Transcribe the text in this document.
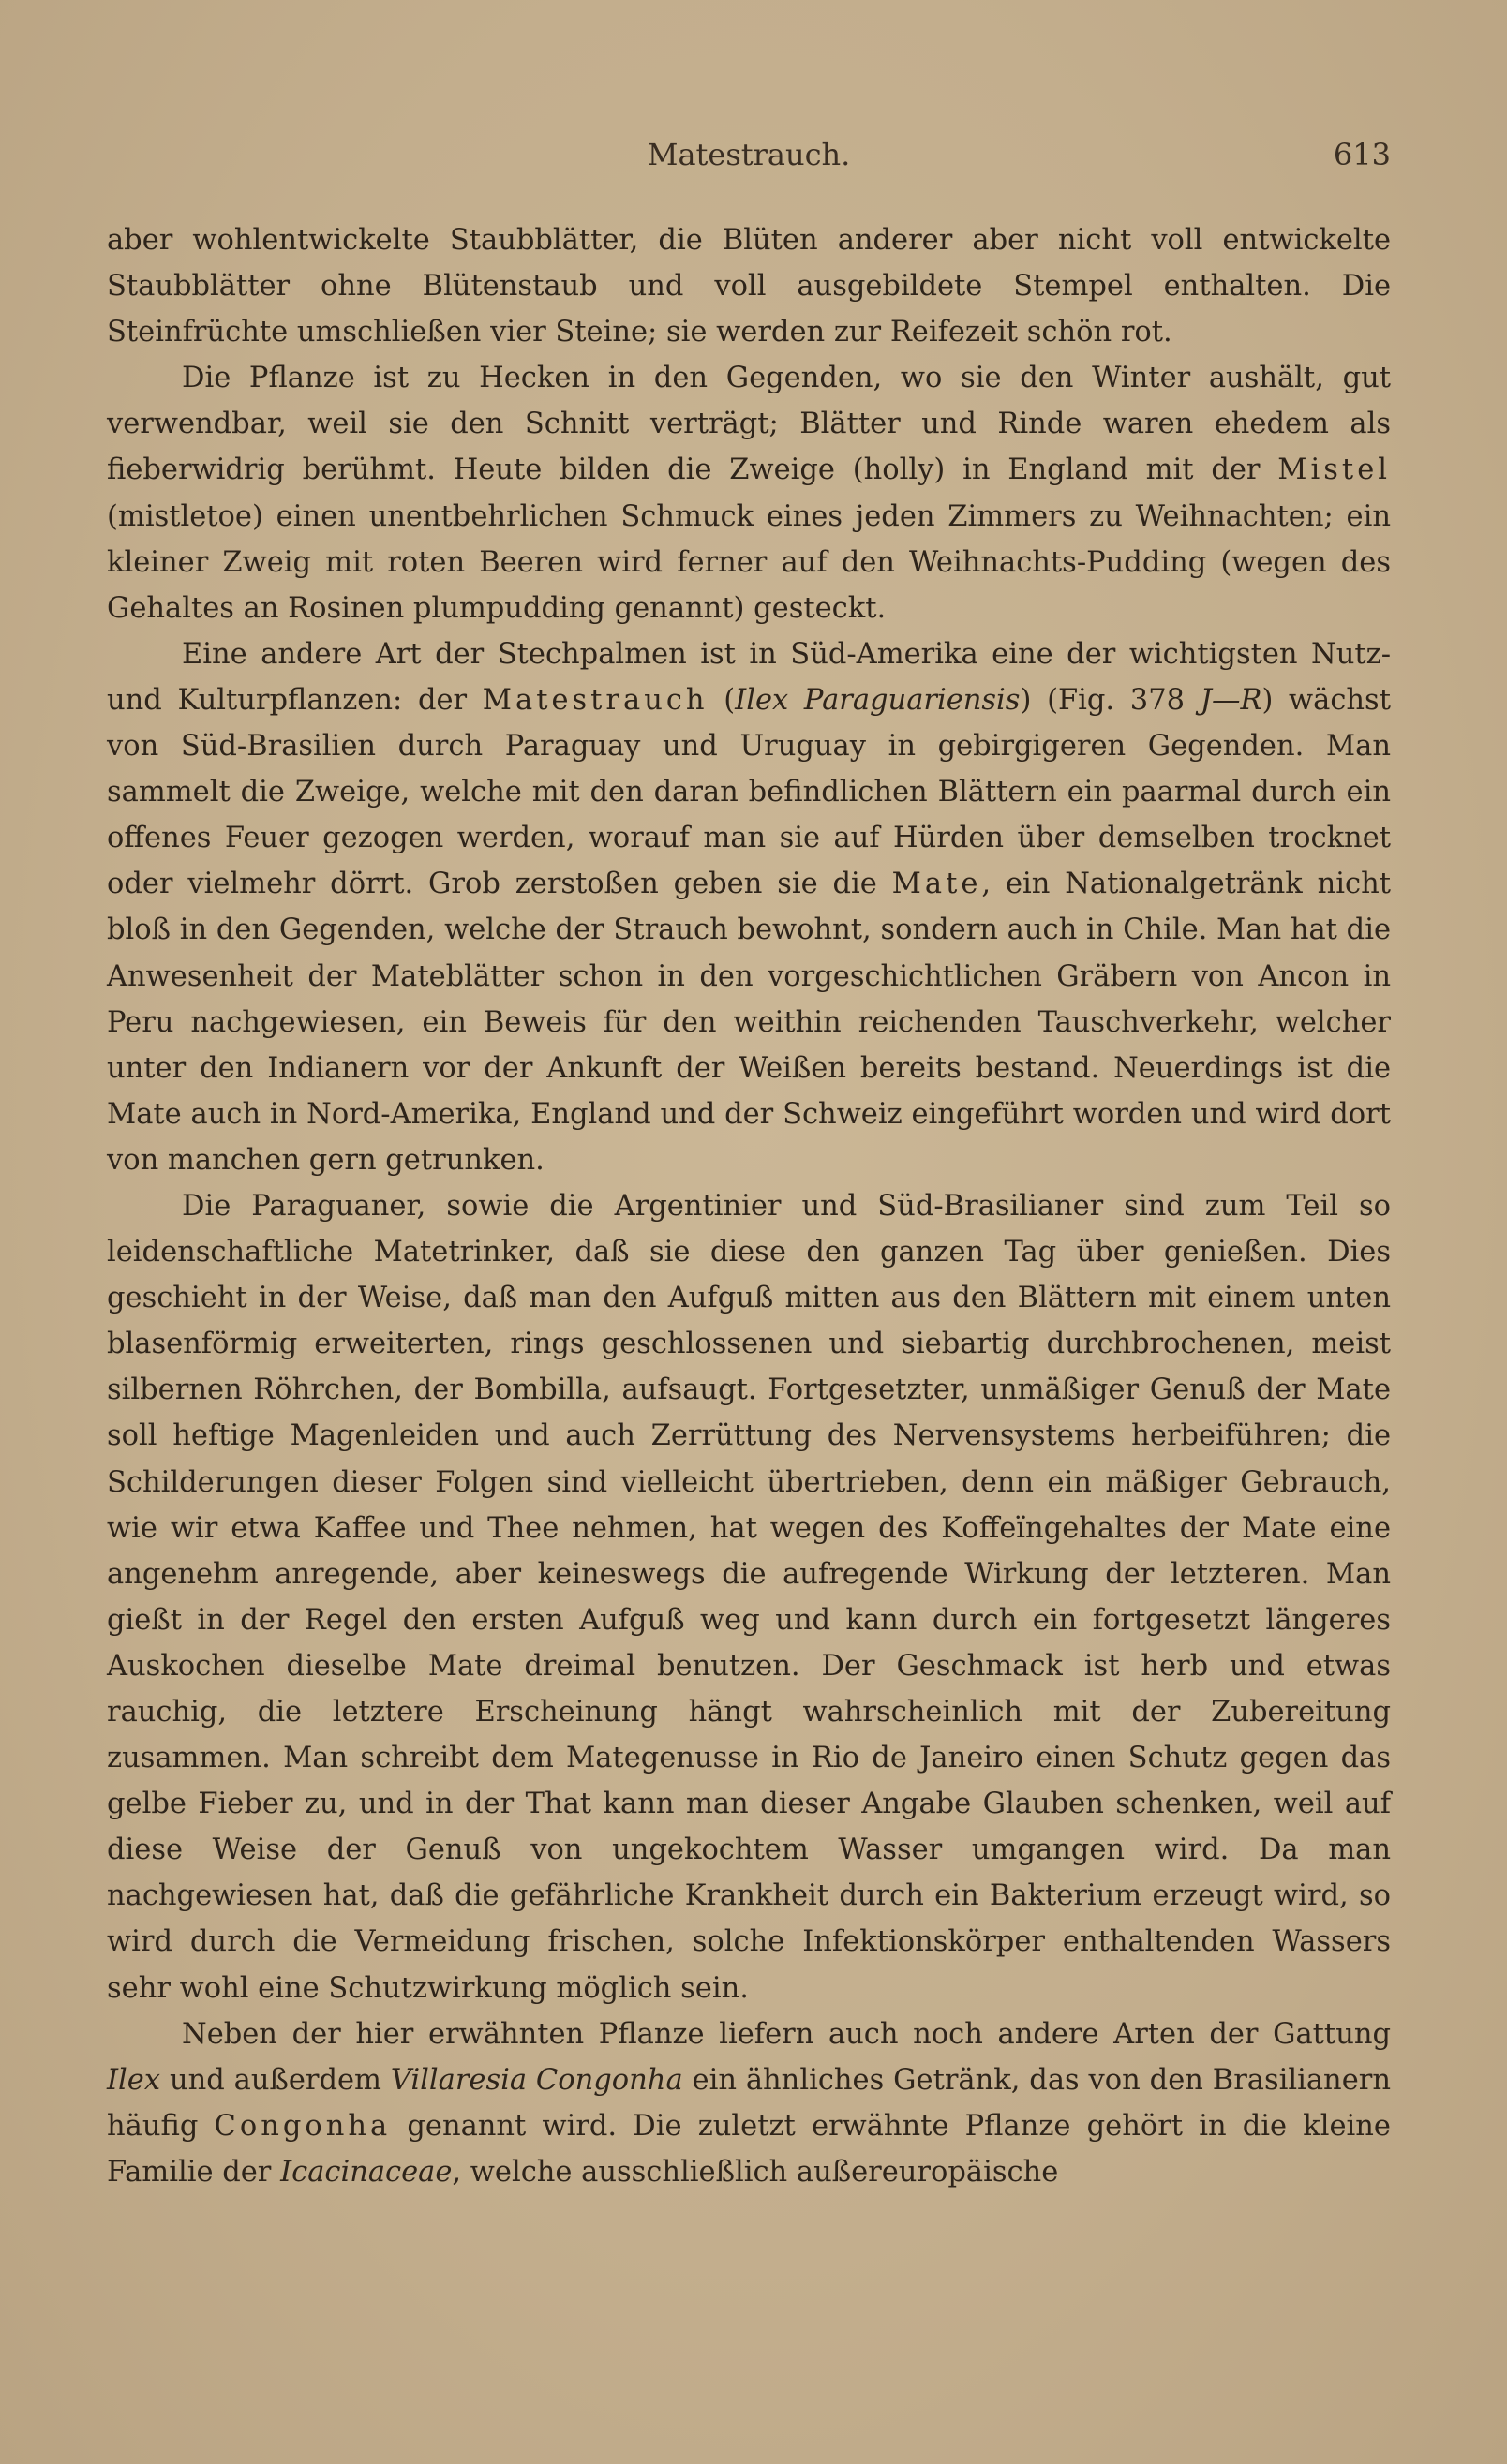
Matestrauch.	613

aber wohlentwickelte Staubblätter, die Blüten anderer aber nicht voll entwickelte Staubblätter ohne Blütenstaub und voll ausgebildete Stempel enthalten. Die Steinfrüchte umschließen vier Steine; sie werden zur Reifezeit schön rot.

Die Pflanze ist zu Hecken in den Gegenden, wo sie den Winter aushält, gut verwendbar, weil sie den Schnitt verträgt; Blätter und Rinde waren ehedem als fieberwidrig berühmt. Heute bilden die Zweige (holly) in England mit der Mistel (mistletoe) einen unentbehrlichen Schmuck eines jeden Zimmers zu Weihnachten; ein kleiner Zweig mit roten Beeren wird ferner auf den Weihnachts-Pudding (wegen des Gehaltes an Rosinen plumpudding genannt) gesteckt.

Eine andere Art der Stechpalmen ist in Süd-Amerika eine der wichtigsten Nutz- und Kulturpflanzen: der Matestrauch (Ilex Paraguariensis) (Fig. 378 J—R) wächst von Süd-Brasilien durch Paraguay und Uruguay in gebirgigeren Gegenden. Man sammelt die Zweige, welche mit den daran befindlichen Blättern ein paarmal durch ein offenes Feuer gezogen werden, worauf man sie auf Hürden über demselben trocknet oder vielmehr dörrt. Grob zerstoßen geben sie die Mate, ein Nationalgetränk nicht bloß in den Gegenden, welche der Strauch bewohnt, sondern auch in Chile. Man hat die Anwesenheit der Mateblätter schon in den vorgeschichtlichen Gräbern von Ancon in Peru nachgewiesen, ein Beweis für den weithin reichenden Tauschverkehr, welcher unter den Indianern vor der Ankunft der Weißen bereits bestand. Neuerdings ist die Mate auch in Nord-Amerika, England und der Schweiz eingeführt worden und wird dort von manchen gern getrunken.

Die Paraguaner, sowie die Argentinier und Süd-Brasilianer sind zum Teil so leidenschaftliche Matetrinker, daß sie diese den ganzen Tag über genießen. Dies geschieht in der Weise, daß man den Aufguß mitten aus den Blättern mit einem unten blasenförmig erweiterten, rings geschlossenen und siebartig durchbrochenen, meist silbernen Röhrchen, der Bombilla, aufsaugt. Fortgesetzter, unmäßiger Genuß der Mate soll heftige Magenleiden und auch Zerrüttung des Nervensystems herbeiführen; die Schilderungen dieser Folgen sind vielleicht übertrieben, denn ein mäßiger Gebrauch, wie wir etwa Kaffee und Thee nehmen, hat wegen des Koffeïngehaltes der Mate eine angenehm anregende, aber keineswegs die aufregende Wirkung der letzteren. Man gießt in der Regel den ersten Aufguß weg und kann durch ein fortgesetzt längeres Auskochen dieselbe Mate dreimal benutzen. Der Geschmack ist herb und etwas rauchig, die letztere Erscheinung hängt wahrscheinlich mit der Zubereitung zusammen. Man schreibt dem Mategenusse in Rio de Janeiro einen Schutz gegen das gelbe Fieber zu, und in der That kann man dieser Angabe Glauben schenken, weil auf diese Weise der Genuß von ungekochtem Wasser umgangen wird. Da man nachgewiesen hat, daß die gefährliche Krankheit durch ein Bakterium erzeugt wird, so wird durch die Vermeidung frischen, solche Infektionskörper enthaltenden Wassers sehr wohl eine Schutzwirkung möglich sein.

Neben der hier erwähnten Pflanze liefern auch noch andere Arten der Gattung Ilex und außerdem Villaresia Congonha ein ähnliches Getränk, das von den Brasilianern häufig Congonha genannt wird. Die zuletzt erwähnte Pflanze gehört in die kleine Familie der Icacinaceae, welche ausschließlich außereuropäische
